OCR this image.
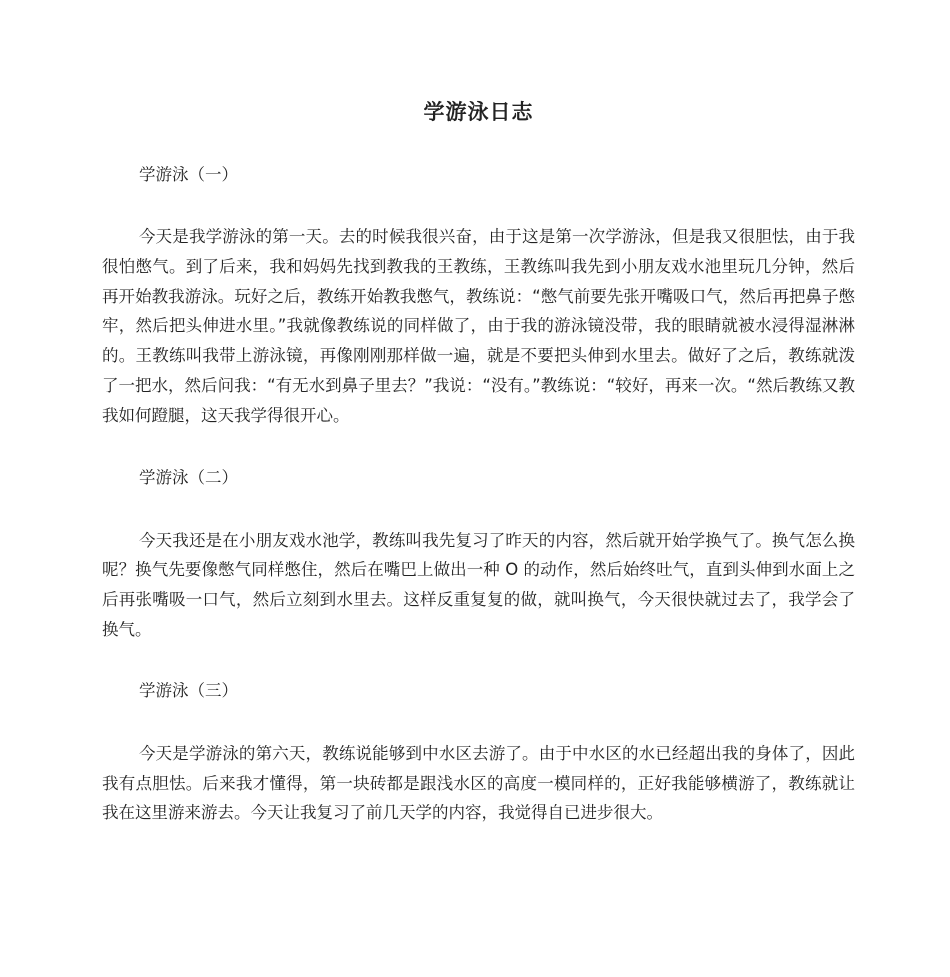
学游泳日志

学游泳（一）

今天是我学游泳的第一天。去的时候我很兴奋，由于这是第一次学游泳，但是我又很胆怯，由于我很怕憋气。到了后来，我和妈妈先找到教我的王教练，王教练叫我先到小朋友戏水池里玩几分钟，然后再开始教我游泳。玩好之后，教练开始教我憋气，教练说：“憋气前要先张开嘴吸口气，然后再把鼻子憋牢，然后把头伸进水里。”我就像教练说的同样做了，由于我的游泳镜没带，我的眼睛就被水浸得湿淋淋的。王教练叫我带上游泳镜，再像刚刚那样做一遍，就是不要把头伸到水里去。做好了之后，教练就泼了一把水，然后问我：“有无水到鼻子里去？”我说：“没有。”教练说：“较好，再来一次。“然后教练又教我如何蹬腿，这天我学得很开心。

学游泳（二）

今天我还是在小朋友戏水池学，教练叫我先复习了昨天的内容，然后就开始学换气了。换气怎么换呢？换气先要像憋气同样憋住，然后在嘴巴上做出一种 O 的动作，然后始终吐气，直到头伸到水面上之后再张嘴吸一口气，然后立刻到水里去。这样反重复复的做，就叫换气，今天很快就过去了，我学会了换气。

学游泳（三）

今天是学游泳的第六天，教练说能够到中水区去游了。由于中水区的水已经超出我的身体了，因此我有点胆怯。后来我才懂得，第一块砖都是跟浅水区的高度一模同样的，正好我能够横游了，教练就让我在这里游来游去。今天让我复习了前几天学的内容，我觉得自已进步很大。
